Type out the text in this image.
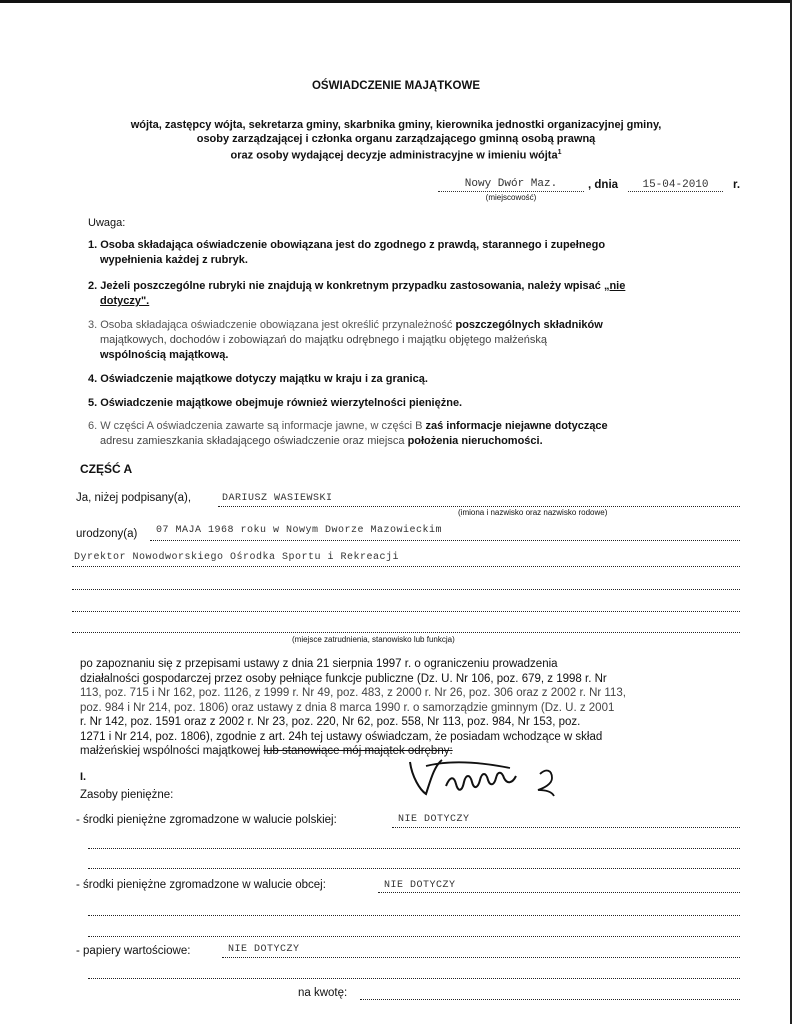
OŚWIADCZENIE MAJĄTKOWE
wójta, zastępcy wójta, sekretarza gminy, skarbnika gminy, kierownika jednostki organizacyjnej gminy,
osoby zarządzającej i członka organu zarządzającego gminną osobą prawną
oraz osoby wydającej decyzje administracyjne w imieniu wójta$^1$
Nowy Dwór Maz.
(miejscowość)
, dnia	15-04-2010	r.
Uwaga:
1. Osoba składająca oświadczenie obowiązana jest do zgodnego z prawdą, starannego i zupełnego
wypełnienia każdej z rubryk.
2. Jeżeli poszczególne rubryki nie znajdują w konkretnym przypadku zastosowania, należy wpisać „nie
dotyczy".
3. Osoba składająca oświadczenie obowiązana jest określić przynależność poszczególnych składników
majątkowych, dochodów i zobowiązań do majątku odrębnego i majątku objętego małżeńską
wspólnością majątkową.
4. Oświadczenie majątkowe dotyczy majątku w kraju i za granicą.
5. Oświadczenie majątkowe obejmuje również wierzytelności pieniężne.
6. W części A oświadczenia zawarte są informacje jawne, w części B zaś informacje niejawne dotyczące
adresu zamieszkania składającego oświadczenie oraz miejsca położenia nieruchomości.
CZĘŚĆ A
Ja, niżej podpisany(a),	DARIUSZ WASIEWSKI
(imiona i nazwisko oraz nazwisko rodowe)
urodzony(a) 07 MAJA 1968 roku w Nowym Dworze Mazowieckim
Dyrektor Nowodworskiego Ośrodka Sportu i Rekreacji
(miejsce zatrudnienia, stanowisko lub funkcja)
po zapoznaniu się z przepisami ustawy z dnia 21 sierpnia 1997 r. o ograniczeniu prowadzenia
działalności gospodarczej przez osoby pełniące funkcje publiczne (Dz. U. Nr 106, poz. 679, z 1998 r. Nr
113, poz. 715 i Nr 162, poz. 1126, z 1999 r. Nr 49, poz. 483, z 2000 r. Nr 26, poz. 306 oraz z 2002 r. Nr 113,
poz. 984 i Nr 214, poz. 1806) oraz ustawy z dnia 8 marca 1990 r. o samorządzie gminnym (Dz. U. z 2001
r. Nr 142, poz. 1591 oraz z 2002 r. Nr 23, poz. 220, Nr 62, poz. 558, Nr 113, poz. 984, Nr 153, poz.
1271 i Nr 214, poz. 1806), zgodnie z art. 24h tej ustawy oświadczam, że posiadam wchodzące w skład
małżeńskiej wspólności majątkowej lub stanowiące mój majątek odrębny:
I.
Zasoby pieniężne:
- środki pieniężne zgromadzone w walucie polskiej:	NIE DOTYCZY
- środki pieniężne zgromadzone w walucie obcej:	NIE DOTYCZY
- papiery wartościowe:	NIE DOTYCZY
na kwotę:
